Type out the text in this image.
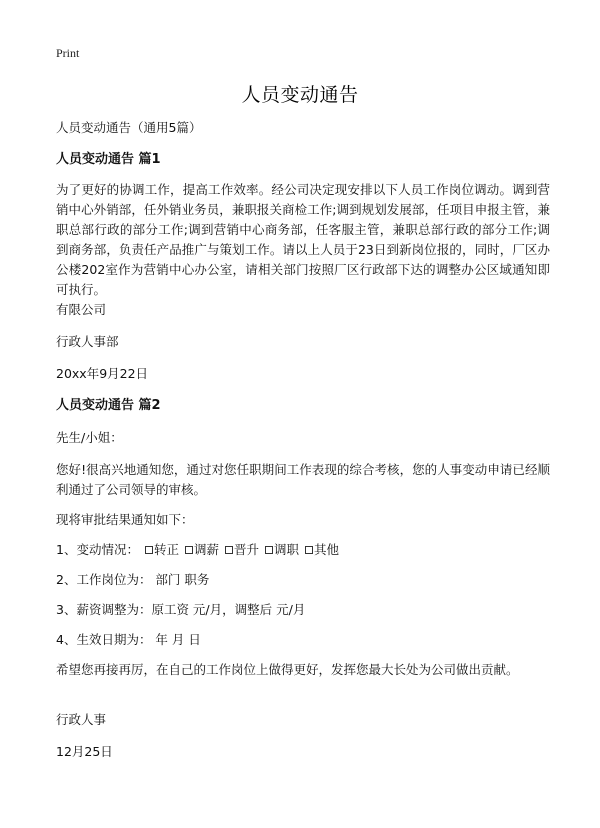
Print
人员变动通告
人员变动通告（通用5篇）
人员变动通告 篇1
为了更好的协调工作，提高工作效率。经公司决定现安排以下人员工作岗位调动。调到营销中心外销部，任外销业务员，兼职报关商检工作;调到规划发展部，任项目申报主管，兼职总部行政的部分工作;调到营销中心商务部，任客服主管，兼职总部行政的部分工作;调到商务部，负责任产品推广与策划工作。请以上人员于23日到新岗位报的，同时，厂区办公楼202室作为营销中心办公室，请相关部门按照厂区行政部下达的调整办公区域通知即可执行。
有限公司
行政人事部
20xx年9月22日
人员变动通告 篇2
先生/小姐：
您好!很高兴地通知您，通过对您任职期间工作表现的综合考核，您的人事变动申请已经顺利通过了公司领导的审核。
现将审批结果通知如下：
1、变动情况： 转正 调薪 晋升 调职 其他
2、工作岗位为： 部门 职务
3、薪资调整为：原工资 元/月，调整后 元/月
4、生效日期为： 年 月 日
希望您再接再厉，在自己的工作岗位上做得更好，发挥您最大长处为公司做出贡献。
行政人事
12月25日
